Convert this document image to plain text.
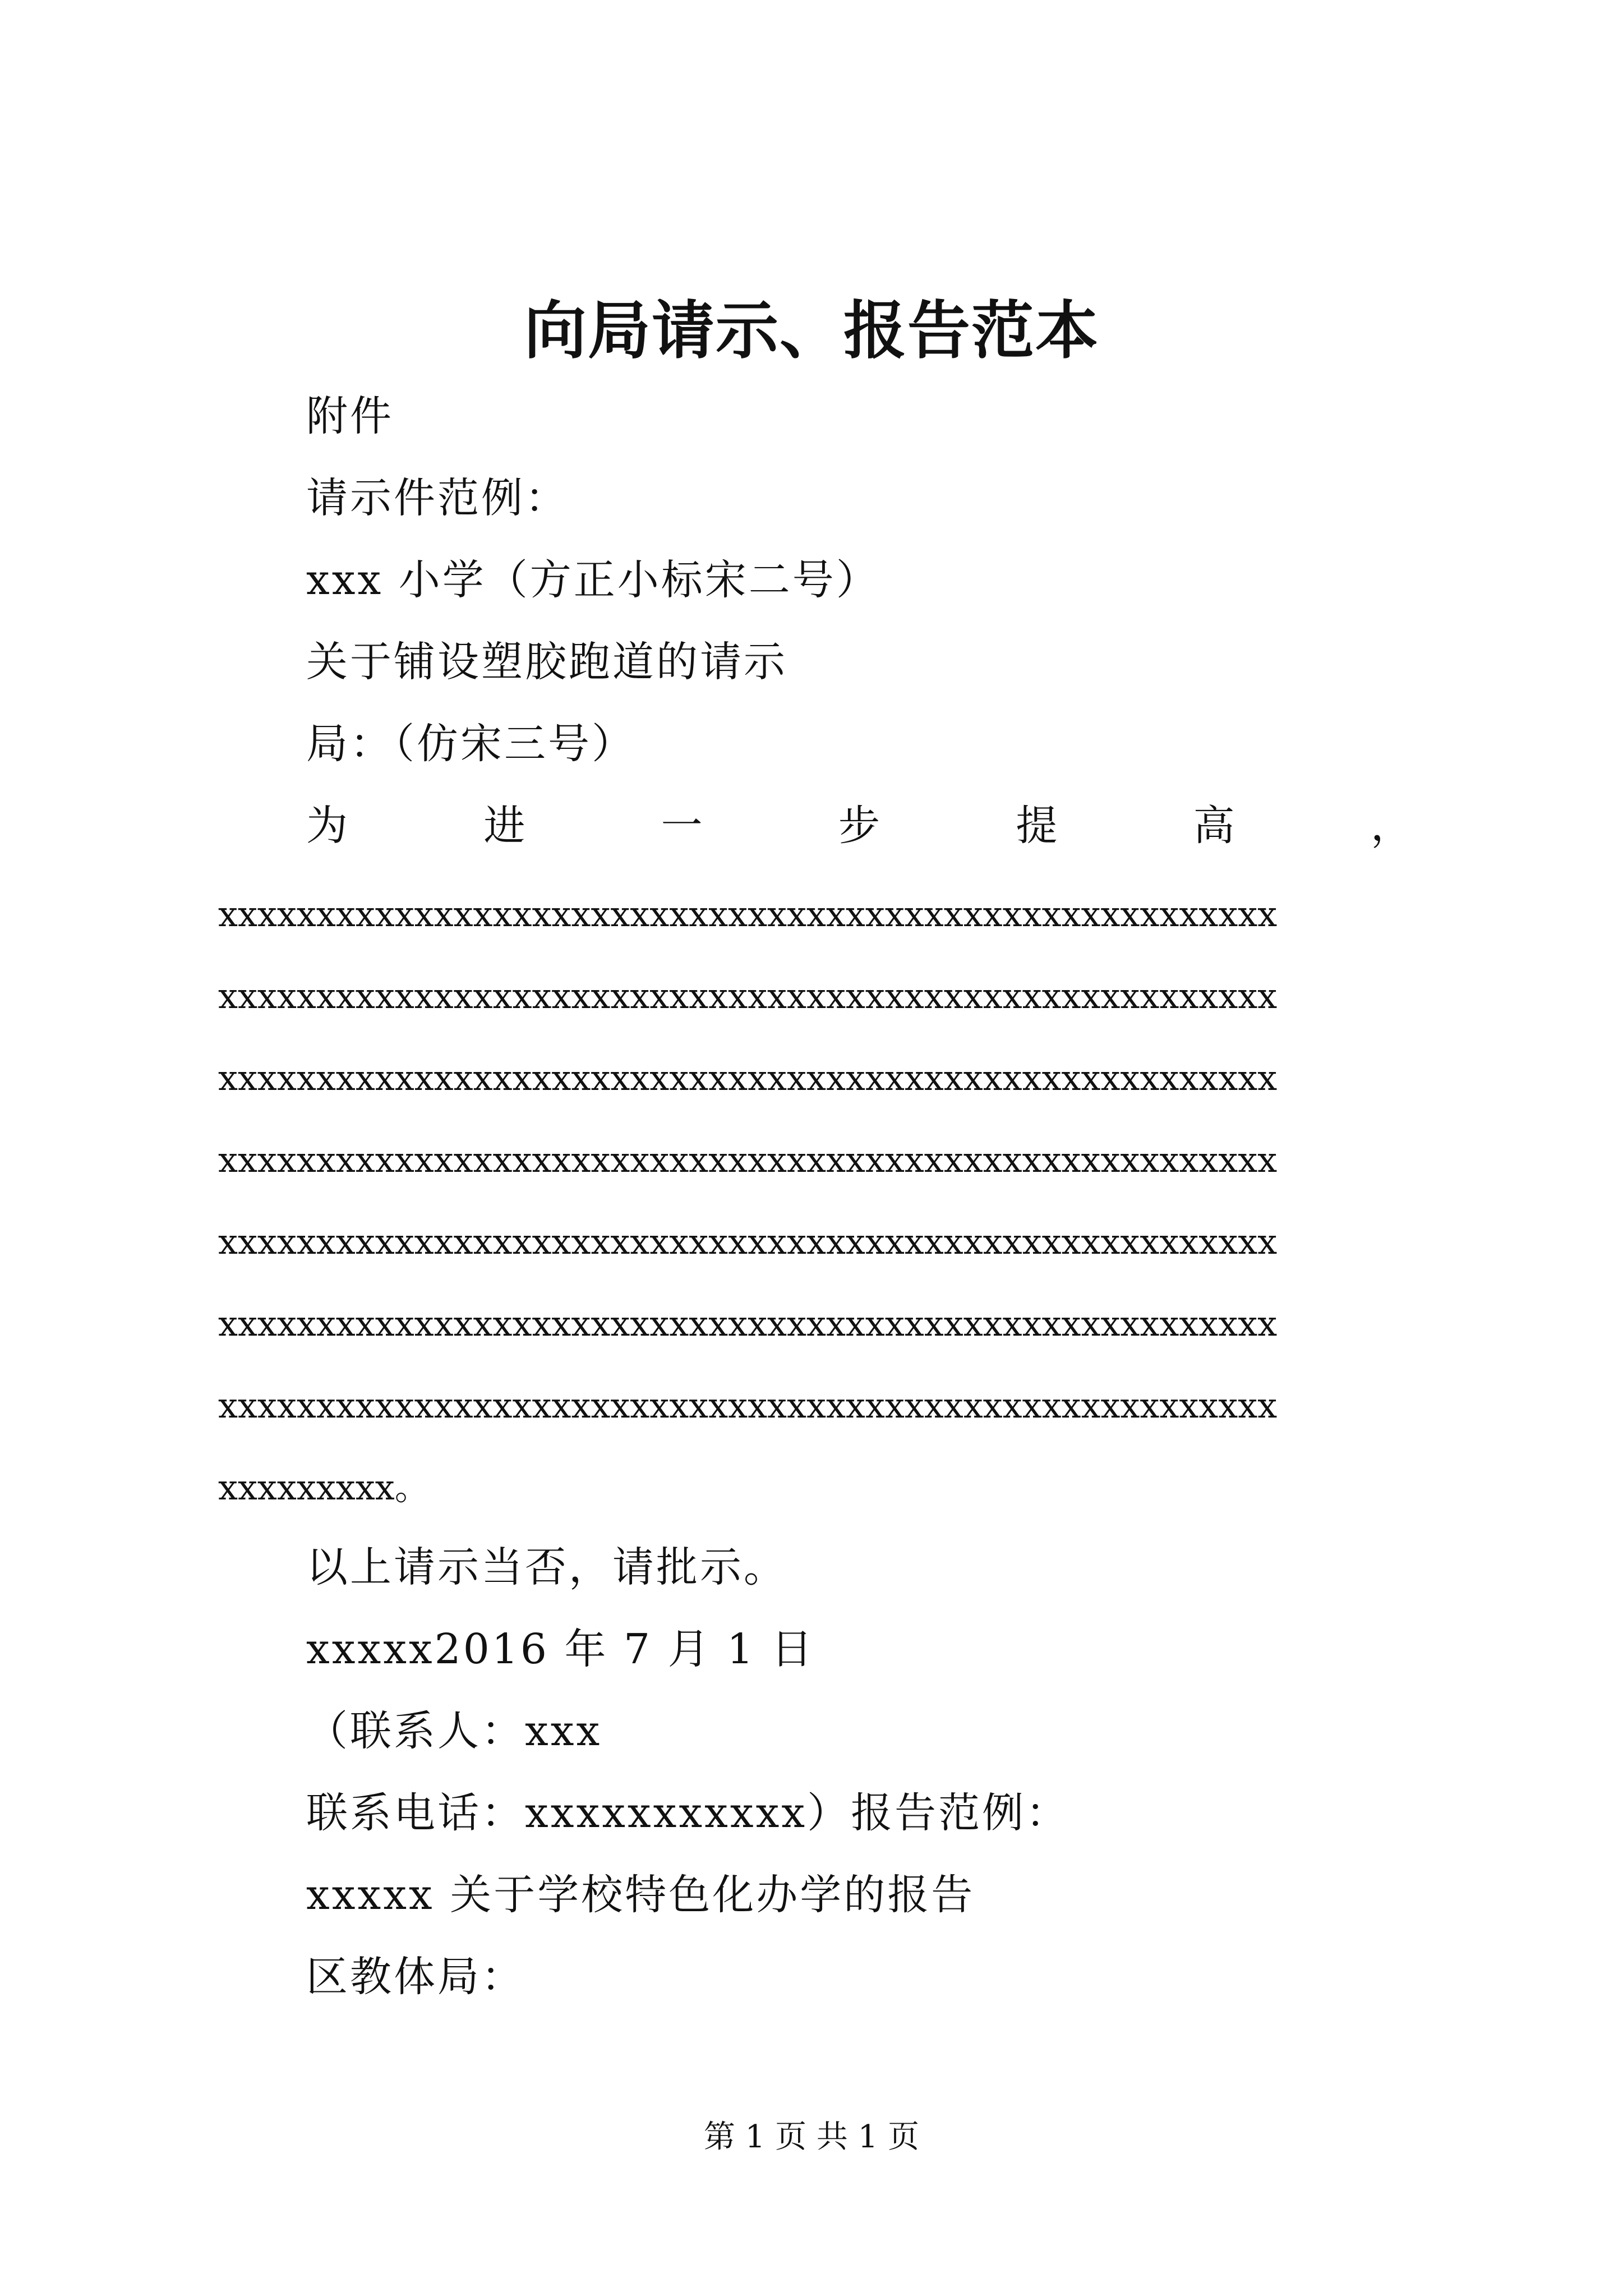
向局请示、报告范本
附件
请示件范例：
xxx 小学（方正小标宋二号）
关于铺设塑胶跑道的请示
局：（仿宋三号）
为	进	一	步	提	高	，
xxxxxxxxxxxxxxxxxxxxxxxxxxxxxxxxxxxxxxxxxxxxxxxxxxxxxx
xxxxxxxxxxxxxxxxxxxxxxxxxxxxxxxxxxxxxxxxxxxxxxxxxxxxxx
xxxxxxxxxxxxxxxxxxxxxxxxxxxxxxxxxxxxxxxxxxxxxxxxxxxxxx
xxxxxxxxxxxxxxxxxxxxxxxxxxxxxxxxxxxxxxxxxxxxxxxxxxxxxx
xxxxxxxxxxxxxxxxxxxxxxxxxxxxxxxxxxxxxxxxxxxxxxxxxxxxxx
xxxxxxxxxxxxxxxxxxxxxxxxxxxxxxxxxxxxxxxxxxxxxxxxxxxxxx
xxxxxxxxxxxxxxxxxxxxxxxxxxxxxxxxxxxxxxxxxxxxxxxxxxxxxx
xxxxxxxxx。
以上请示当否，请批示。
xxxxx2016 年 7 月 1 日
（联系人：xxx
联系电话：xxxxxxxxxxx）报告范例：
xxxxx 关于学校特色化办学的报告
区教体局：
第 1 页 共 1 页
